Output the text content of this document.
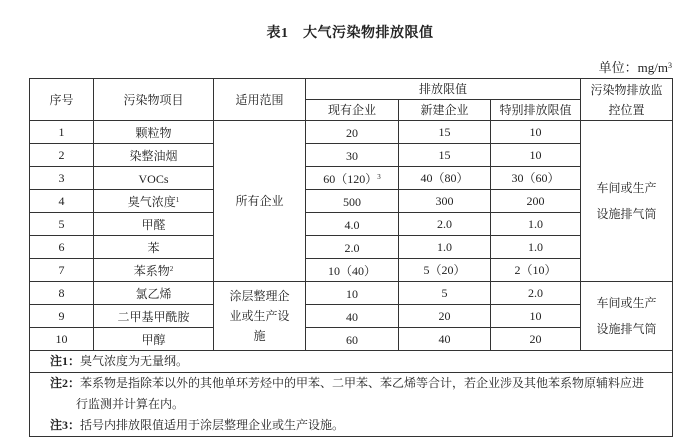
表1　大气污染物排放限值
单位：$mg/m^3$
序号	污染物项目	适用范围	排放限值			污染物排放监控位置
			现有企业	新建企业	特别排放限值	
1	颗粒物	所有企业	20	15	10	车间或生产设施排气筒
2	染整油烟		30	15	10	
3	VOCs		$60(120)^3$	40（80）	30（60）	
4	臭气浓度$^1$		500	300	200	
5	甲醛		4.0	2.0	1.0	
6	苯		2.0	1.0	1.0	
7	苯系物$^2$		10（40）	5（20）	2（10）	
8	氯乙烯	涂层整理企业或生产设施	10	5	2.0	车间或生产设施排气筒
9	二甲基甲酰胺		40	20	10	
10	甲醇		60	40	20	
注1：臭气浓度为无量纲。						
注2：苯系物是指除苯以外的其他单环芳烃中的甲苯、二甲苯、苯乙烯等合计，若企业涉及其他苯系物原辅料应进
行监测并计算在内。						

注3：括号内排放限值适用于涂层整理企业或生产设施。						
